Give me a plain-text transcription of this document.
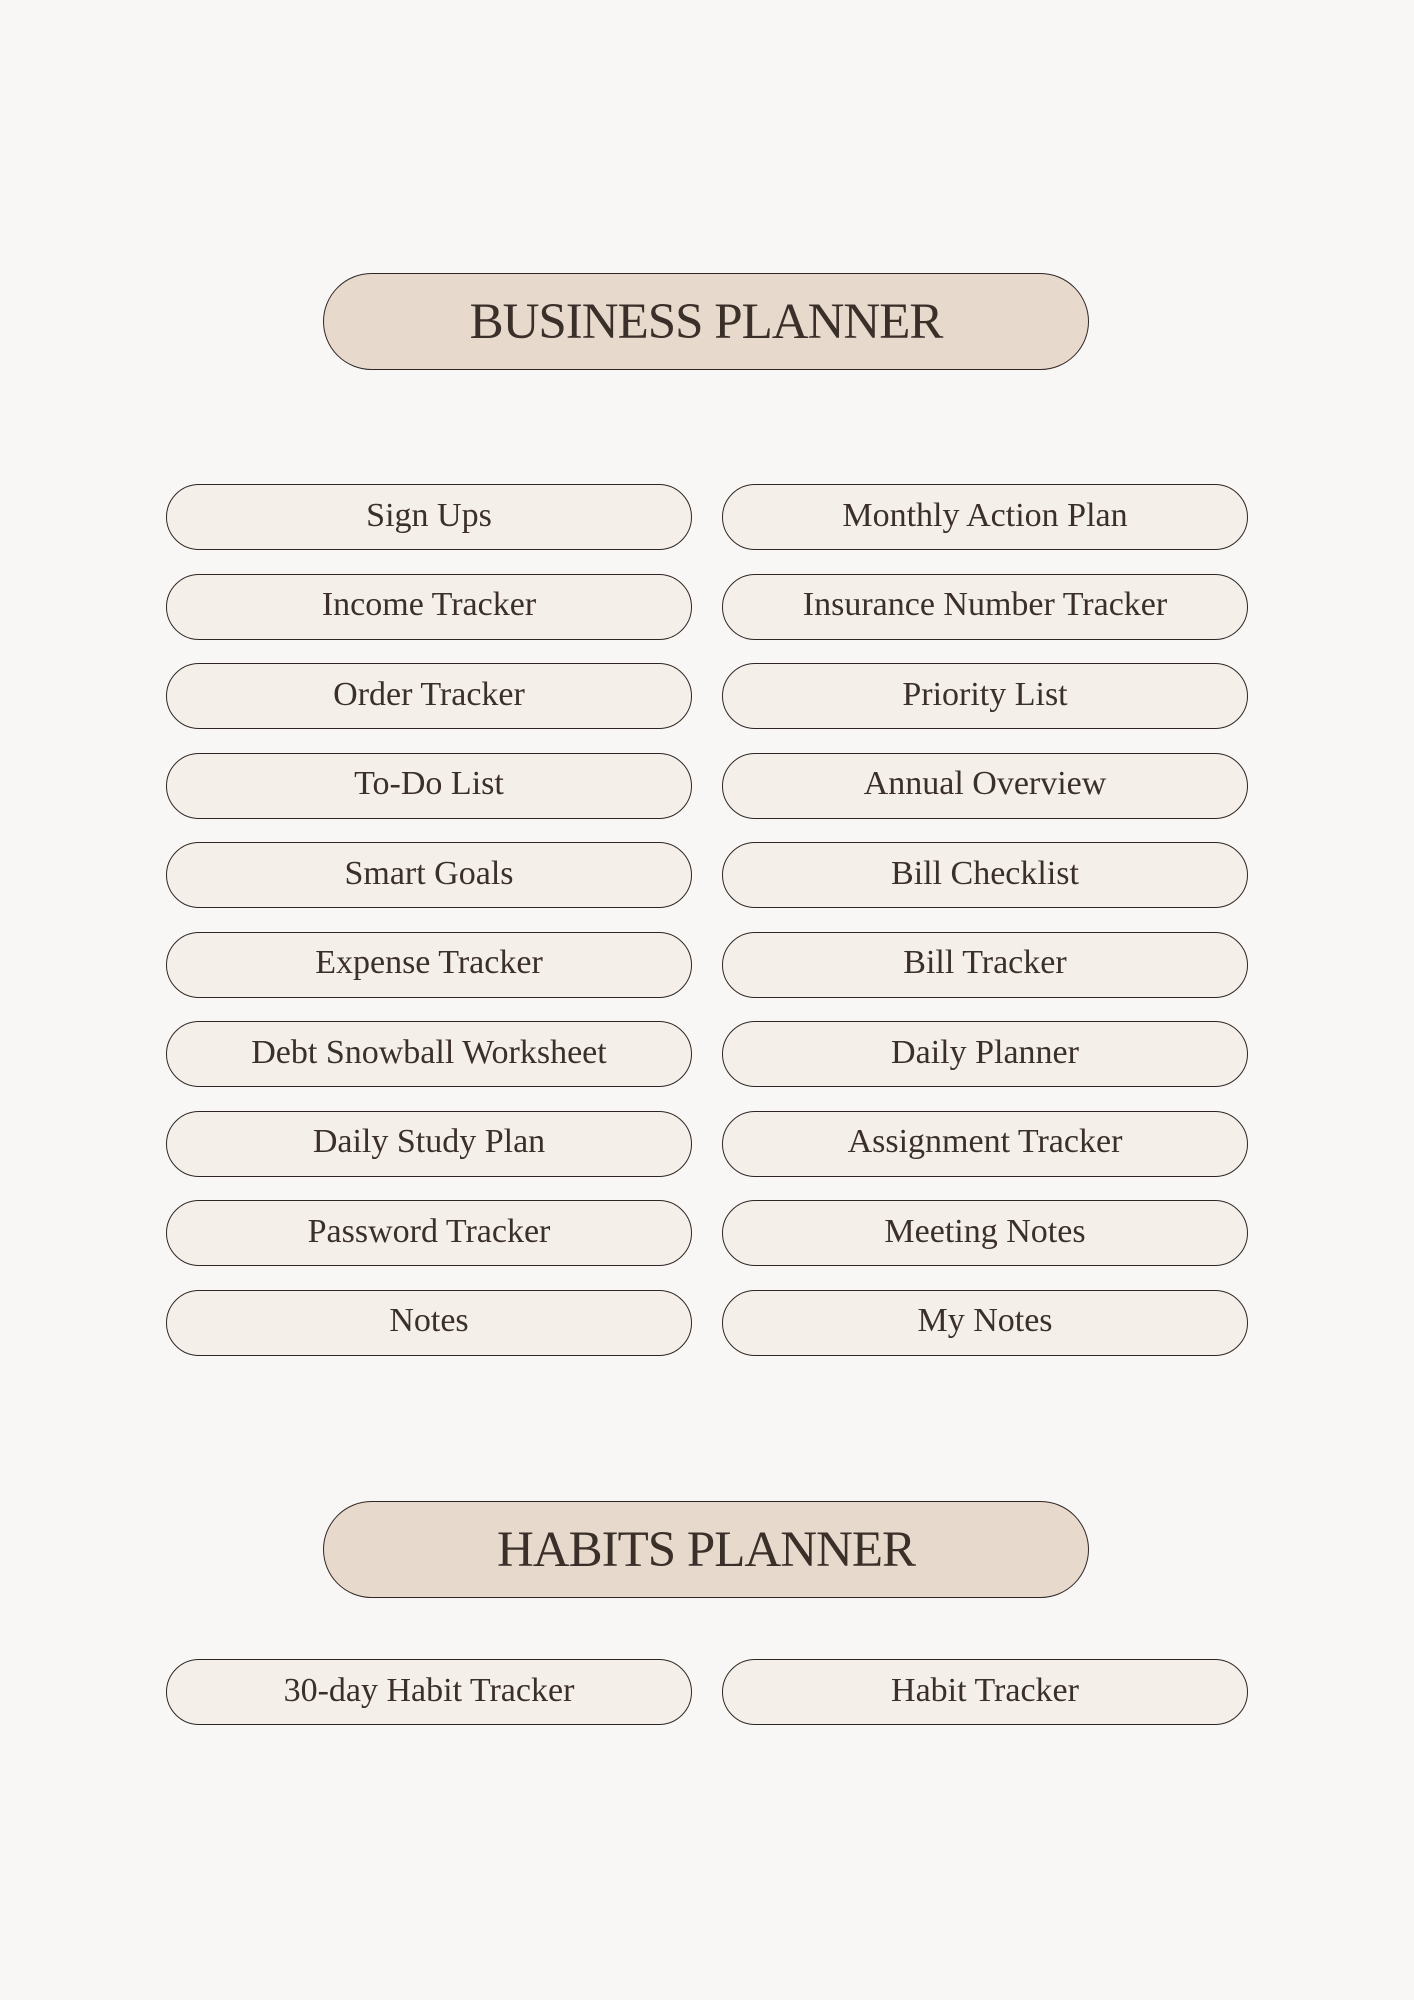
BUSINESS PLANNER
Sign Ups	Monthly Action Plan
Income Tracker	Insurance Number Tracker
Order Tracker	Priority List
To-Do List	Annual Overview
Smart Goals	Bill Checklist
Expense Tracker	Bill Tracker
Debt Snowball Worksheet	Daily Planner
Daily Study Plan	Assignment Tracker
Password Tracker	Meeting Notes
Notes	My Notes
HABITS PLANNER
30-day Habit Tracker	Habit Tracker
